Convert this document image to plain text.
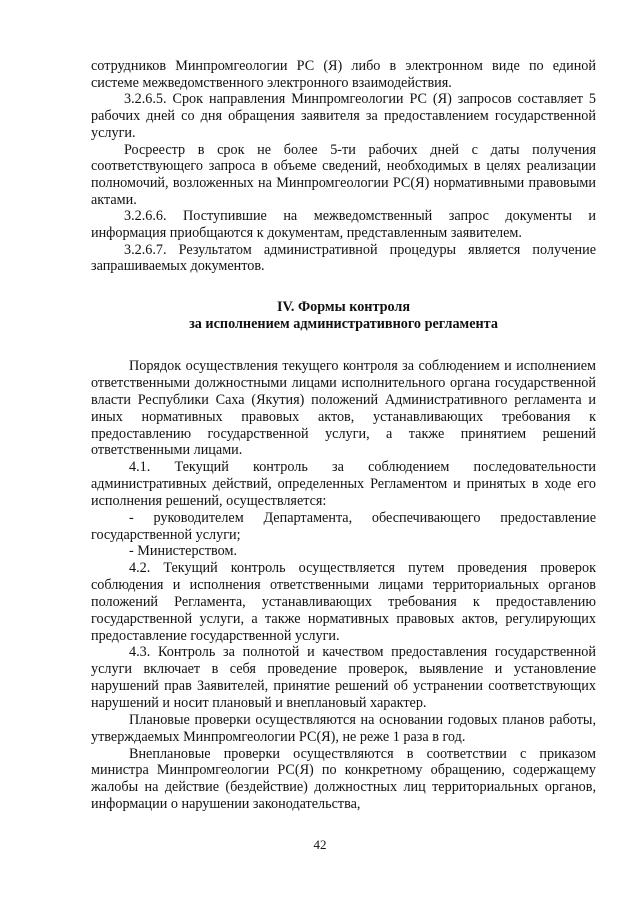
сотрудников Минпромгеологии РС (Я) либо в электронном виде по единой системе межведомственного электронного взаимодействия.

3.2.6.5. Срок направления Минпромгеологии РС (Я) запросов составляет 5 рабочих дней со дня обращения заявителя за предоставлением государственной услуги.

Росреестр в срок не более 5-ти рабочих дней с даты получения соответствующего запроса в объеме сведений, необходимых в целях реализации полномочий, возложенных на Минпромгеологии РС(Я) нормативными правовыми актами.

3.2.6.6. Поступившие на межведомственный запрос документы и информация приобщаются к документам, представленным заявителем.

3.2.6.7. Результатом административной процедуры является получение запрашиваемых документов.

IV. Формы контроля
за исполнением административного регламента

Порядок осуществления текущего контроля за соблюдением и исполнением ответственными должностными лицами исполнительного органа государственной власти Республики Саха (Якутия) положений Административного регламента и иных нормативных правовых актов, устанавливающих требования к предоставлению государственной услуги, а также принятием решений ответственными лицами.

4.1. Текущий контроль за соблюдением последовательности административных действий, определенных Регламентом и принятых в ходе его исполнения решений, осуществляется:

- руководителем Департамента, обеспечивающего предоставление государственной услуги;

- Министерством.

4.2. Текущий контроль осуществляется путем проведения проверок соблюдения и исполнения ответственными лицами территориальных органов положений Регламента, устанавливающих требования к предоставлению государственной услуги, а также нормативных правовых актов, регулирующих предоставление государственной услуги.

4.3. Контроль за полнотой и качеством предоставления государственной услуги включает в себя проведение проверок, выявление и установление нарушений прав Заявителей, принятие решений об устранении соответствующих нарушений и носит плановый и внеплановый характер.

Плановые проверки осуществляются на основании годовых планов работы, утверждаемых Минпромгеологии РС(Я), не реже 1 раза в год.

Внеплановые проверки осуществляются в соответствии с приказом министра Минпромгеологии РС(Я) по конкретному обращению, содержащему жалобы на действие (бездействие) должностных лиц территориальных органов, информации о нарушении законодательства,

42
